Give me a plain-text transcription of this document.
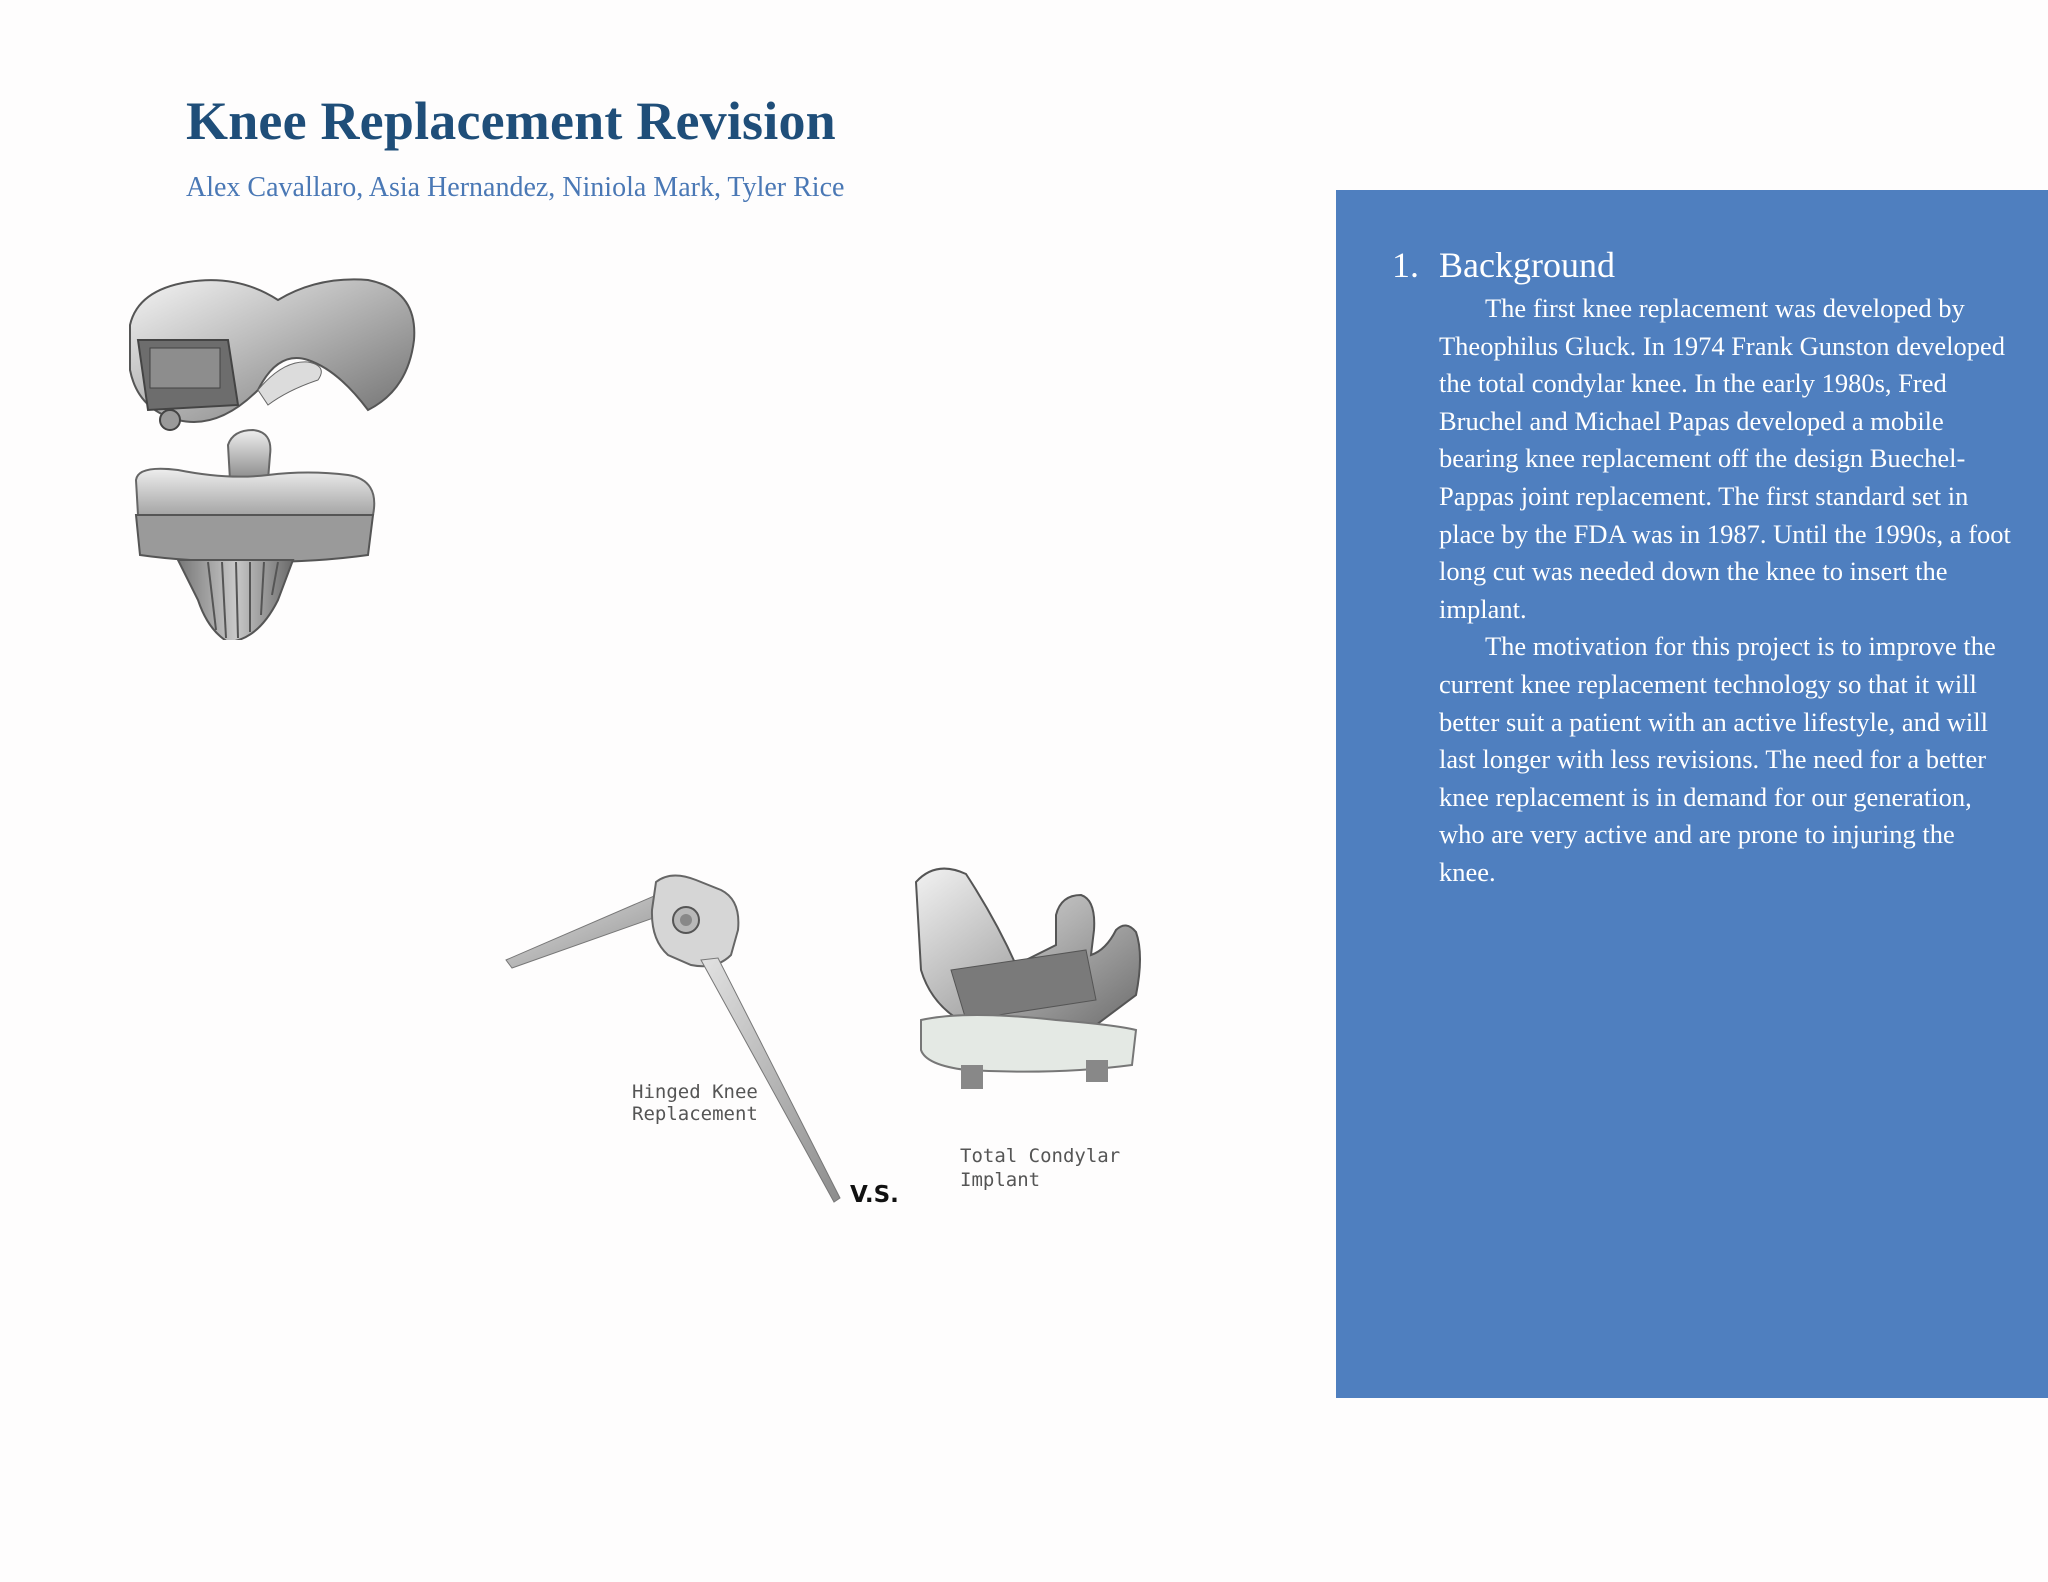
Knee Replacement Revision

Alex Cavallaro, Asia Hernandez, Niniola Mark, Tyler Rice

Hinged Knee
Replacement
Total Condylar
Implant
V.S.
1. Background

The first knee replacement was developed by Theophilus Gluck. In 1974 Frank Gunston developed the total condylar knee. In the early 1980s, Fred Bruchel and Michael Papas developed a mobile bearing knee replacement off the design Buechel-Pappas joint replacement. The first standard set in place by the FDA was in 1987. Until the 1990s, a foot long cut was needed down the knee to insert the implant.

The motivation for this project is to improve the current knee replacement technology so that it will better suit a patient with an active lifestyle, and will last longer with less revisions. The need for a better knee replacement is in demand for our generation, who are very active and are prone to injuring the knee.
